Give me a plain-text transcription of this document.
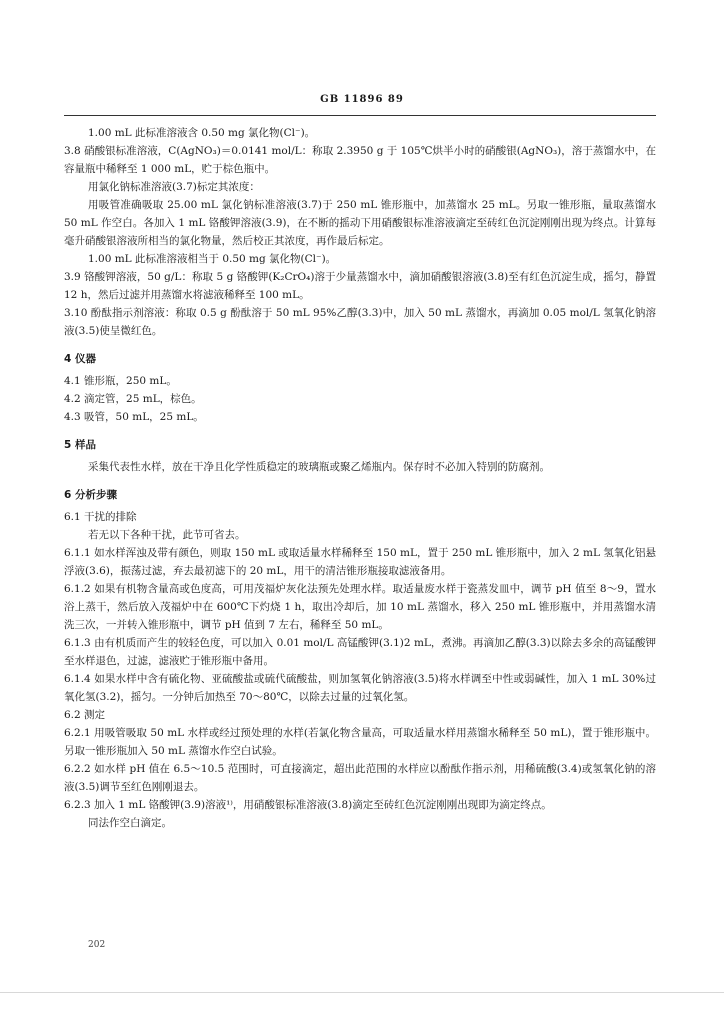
GB 11896 89

1.00 mL 此标准溶液含 0.50 mg 氯化物(Cl⁻)。

3.8 硝酸银标准溶液，C(AgNO₃)＝0.0141 mol/L：称取 2.3950 g 于 105℃烘半小时的硝酸银(AgNO₃)，溶于蒸馏水中，在容量瓶中稀释至 1 000 mL，贮于棕色瓶中。

用氯化钠标准溶液(3.7)标定其浓度：

用吸管准确吸取 25.00 mL 氯化钠标准溶液(3.7)于 250 mL 锥形瓶中，加蒸馏水 25 mL。另取一锥形瓶，量取蒸馏水 50 mL 作空白。各加入 1 mL 铬酸钾溶液(3.9)，在不断的摇动下用硝酸银标准溶液滴定至砖红色沉淀刚刚出现为终点。计算每毫升硝酸银溶液所相当的氯化物量，然后校正其浓度，再作最后标定。

1.00 mL 此标准溶液相当于 0.50 mg 氯化物(Cl⁻)。

3.9 铬酸钾溶液，50 g/L：称取 5 g 铬酸钾(K₂CrO₄)溶于少量蒸馏水中，滴加硝酸银溶液(3.8)至有红色沉淀生成，摇匀，静置 12 h，然后过滤并用蒸馏水将滤液稀释至 100 mL。

3.10 酚酞指示剂溶液：称取 0.5 g 酚酞溶于 50 mL 95%乙醇(3.3)中，加入 50 mL 蒸馏水，再滴加 0.05 mol/L 氢氧化钠溶液(3.5)使呈微红色。

4 仪器

4.1 锥形瓶，250 mL。

4.2 滴定管，25 mL，棕色。

4.3 吸管，50 mL，25 mL。

5 样品

采集代表性水样，放在干净且化学性质稳定的玻璃瓶或聚乙烯瓶内。保存时不必加入特别的防腐剂。

6 分析步骤

6.1 干扰的排除

若无以下各种干扰，此节可省去。

6.1.1 如水样浑浊及带有颜色，则取 150 mL 或取适量水样稀释至 150 mL，置于 250 mL 锥形瓶中，加入 2 mL 氢氧化铝悬浮液(3.6)，振荡过滤，弃去最初滤下的 20 mL，用干的清洁锥形瓶接取滤液备用。

6.1.2 如果有机物含量高或色度高，可用茂福炉灰化法预先处理水样。取适量废水样于瓷蒸发皿中，调节 pH 值至 8～9，置水浴上蒸干，然后放入茂福炉中在 600℃下灼烧 1 h，取出冷却后，加 10 mL 蒸馏水，移入 250 mL 锥形瓶中，并用蒸馏水清洗三次，一并转入锥形瓶中，调节 pH 值到 7 左右，稀释至 50 mL。

6.1.3 由有机质而产生的较轻色度，可以加入 0.01 mol/L 高锰酸钾(3.1)2 mL，煮沸。再滴加乙醇(3.3)以除去多余的高锰酸钾至水样退色，过滤，滤液贮于锥形瓶中备用。

6.1.4 如果水样中含有硫化物、亚硫酸盐或硫代硫酸盐，则加氢氧化钠溶液(3.5)将水样调至中性或弱碱性，加入 1 mL 30%过氧化氢(3.2)，摇匀。一分钟后加热至 70～80℃，以除去过量的过氧化氢。

6.2 测定

6.2.1 用吸管吸取 50 mL 水样或经过预处理的水样(若氯化物含量高，可取适量水样用蒸馏水稀释至 50 mL)，置于锥形瓶中。另取一锥形瓶加入 50 mL 蒸馏水作空白试验。

6.2.2 如水样 pH 值在 6.5～10.5 范围时，可直接滴定，超出此范围的水样应以酚酞作指示剂，用稀硫酸(3.4)或氢氧化钠的溶液(3.5)调节至红色刚刚退去。

6.2.3 加入 1 mL 铬酸钾(3.9)溶液¹⁾，用硝酸银标准溶液(3.8)滴定至砖红色沉淀刚刚出现即为滴定终点。

同法作空白滴定。

202
